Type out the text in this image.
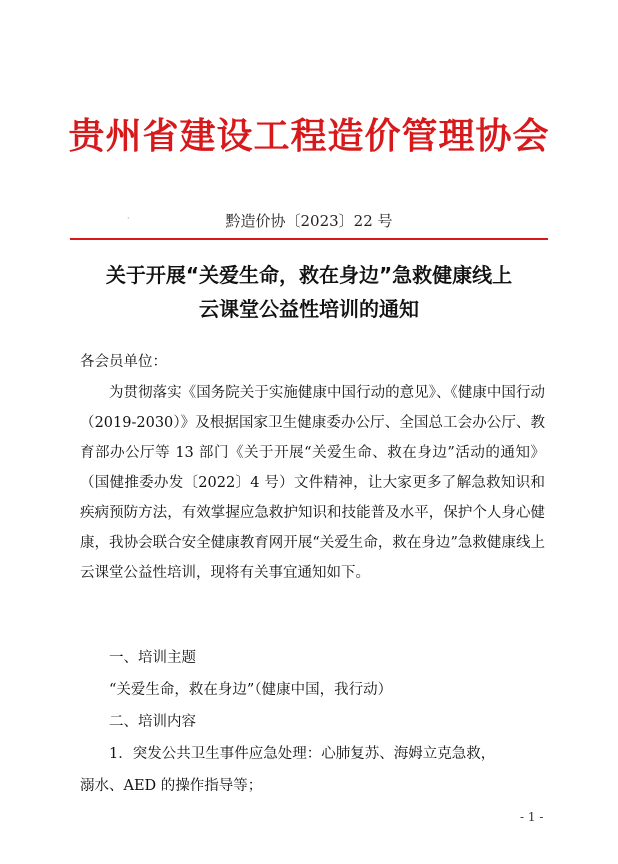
贵州省建设工程造价管理协会
·	黔造价协〔2023〕22 号
关于开展“关爱生命，救在身边”急救健康线上
云课堂公益性培训的通知
各会员单位：
为贯彻落实《国务院关于实施健康中国行动的意见》、《健康中国行动（2019-2030）》及根据国家卫生健康委办公厅、全国总工会办公厅、教育部办公厅等 13 部门《关于开展“关爱生命、救在身边”活动的通知》（国健推委办发〔2022〕4 号）文件精神，让大家更多了解急救知识和疾病预防方法，有效掌握应急救护知识和技能普及水平，保护个人身心健康，我协会联合安全健康教育网开展“关爱生命，救在身边”急救健康线上云课堂公益性培训，现将有关事宜通知如下。
一、培训主题
“关爱生命，救在身边”（健康中国，我行动）
二、培训内容
1．突发公共卫生事件应急处理：心肺复苏、海姆立克急救，
溺水、AED 的操作指导等；
- 1 -
